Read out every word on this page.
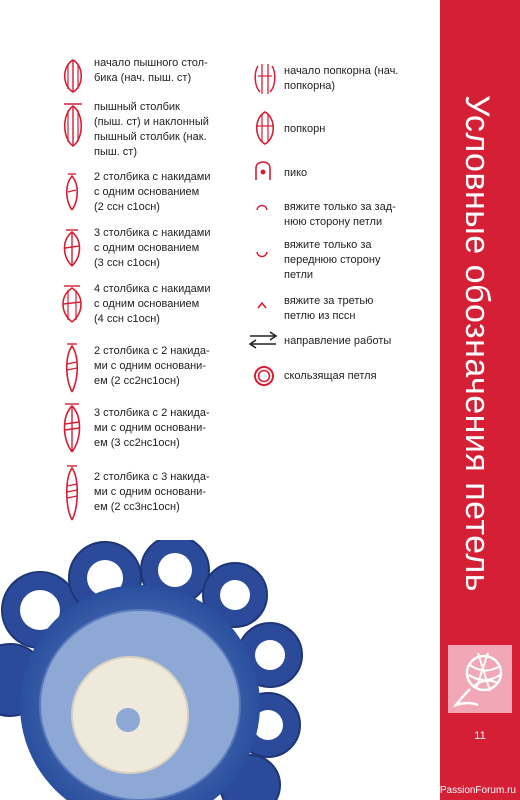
Условные обозначения петель
11
начало пышного стол-
бика (нач. пыш. ст)
пышный столбик
(пыш. ст) и наклонный
пышный столбик (нак.
пыш. ст)
2 столбика с накидами
с одним основанием
(2 ссн с1осн)
3 столбика с накидами
с одним основанием
(3 ссн с1осн)
4 столбика с накидами
с одним основанием
(4 ссн с1осн)
2 столбика с 2 накида-
ми с одним основани-
ем (2 сс2нс1осн)
3 столбика с 2 накида-
ми с одним основани-
ем (3 сс2нс1осн)
2 столбика с 3 накида-
ми с одним основани-
ем (2 сс3нс1осн)
начало попкорна (нач.
попкорна)
попкорн
пико
вяжите только за зад-
нюю сторону петли
вяжите только за
переднюю сторону
петли
вяжите за третью
петлю из пссн
направление работы
скользящая петля
PassionForum.ru
